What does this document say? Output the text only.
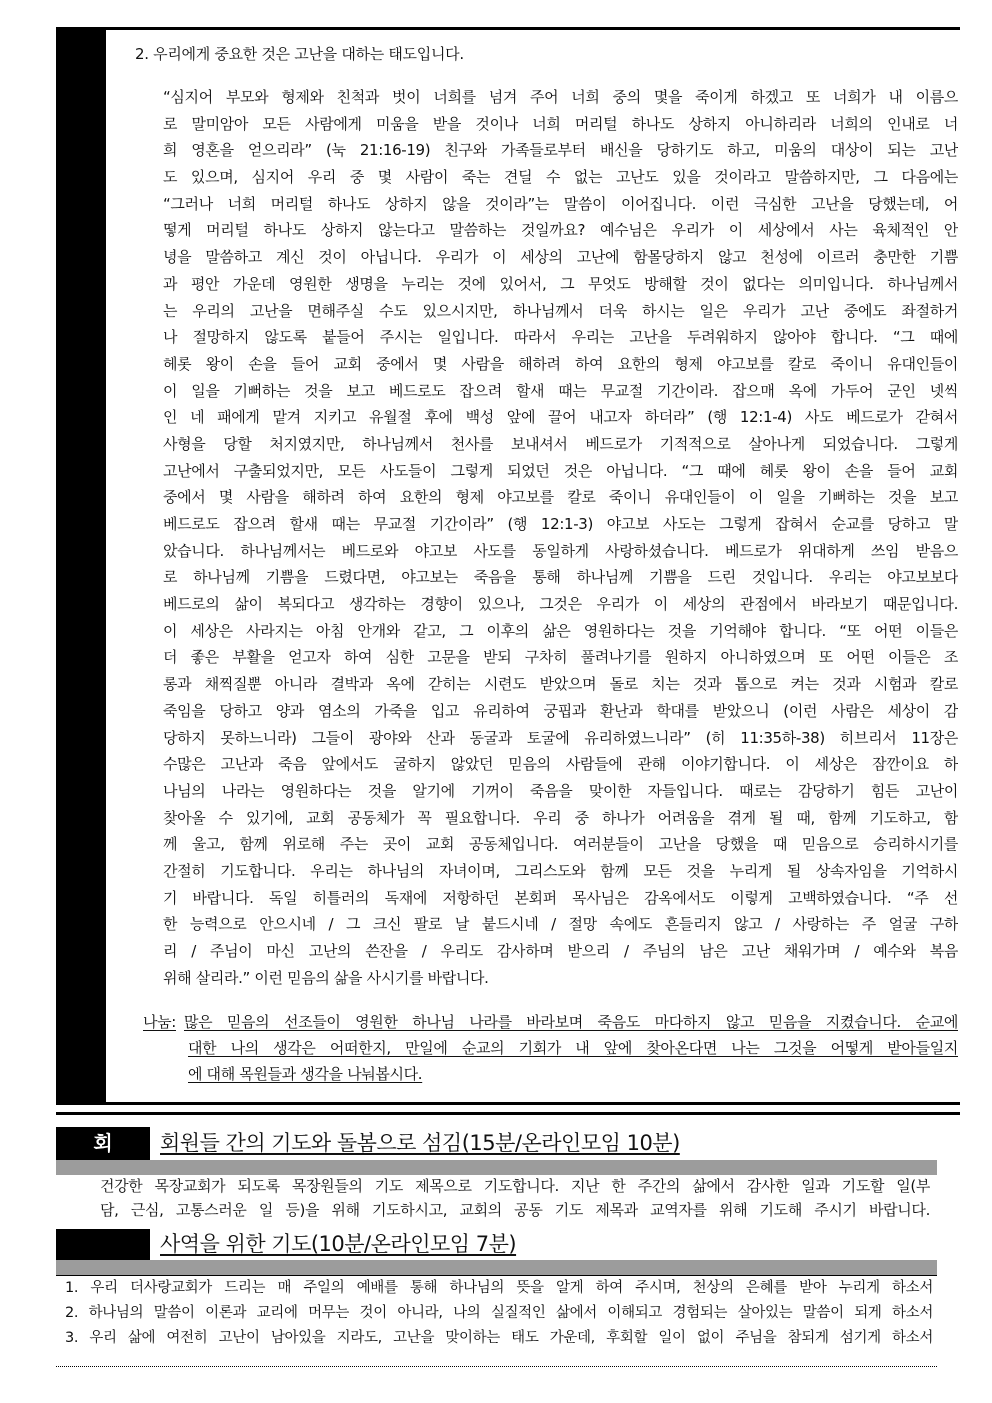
2. 우리에게 중요한 것은 고난을 대하는 태도입니다.
“심지어 부모와 형제와 친척과 벗이 너희를 넘겨 주어 너희 중의 몇을 죽이게 하겠고 또 너희가 내 이름으
로 말미암아 모든 사람에게 미움을 받을 것이나 너희 머리털 하나도 상하지 아니하리라 너희의 인내로 너
희 영혼을 얻으리라” (눅 21:16-19) 친구와 가족들로부터 배신을 당하기도 하고, 미움의 대상이 되는 고난
도 있으며, 심지어 우리 중 몇 사람이 죽는 견딜 수 없는 고난도 있을 것이라고 말씀하지만, 그 다음에는
“그러나 너희 머리털 하나도 상하지 않을 것이라”는 말씀이 이어집니다. 이런 극심한 고난을 당했는데, 어
떻게 머리털 하나도 상하지 않는다고 말씀하는 것일까요? 예수님은 우리가 이 세상에서 사는 육체적인 안
녕을 말씀하고 계신 것이 아닙니다. 우리가 이 세상의 고난에 함몰당하지 않고 천성에 이르러 충만한 기쁨
과 평안 가운데 영원한 생명을 누리는 것에 있어서, 그 무엇도 방해할 것이 없다는 의미입니다. 하나님께서
는 우리의 고난을 면해주실 수도 있으시지만, 하나님께서 더욱 하시는 일은 우리가 고난 중에도 좌절하거
나 절망하지 않도록 붙들어 주시는 일입니다. 따라서 우리는 고난을 두려워하지 않아야 합니다. “그 때에
헤롯 왕이 손을 들어 교회 중에서 몇 사람을 해하려 하여 요한의 형제 야고보를 칼로 죽이니 유대인들이
이 일을 기뻐하는 것을 보고 베드로도 잡으려 할새 때는 무교절 기간이라. 잡으매 옥에 가두어 군인 넷씩
인 네 패에게 맡겨 지키고 유월절 후에 백성 앞에 끌어 내고자 하더라” (행 12:1-4) 사도 베드로가 갇혀서
사형을 당할 처지였지만, 하나님께서 천사를 보내셔서 베드로가 기적적으로 살아나게 되었습니다. 그렇게
고난에서 구출되었지만, 모든 사도들이 그렇게 되었던 것은 아닙니다. “그 때에 헤롯 왕이 손을 들어 교회
중에서 몇 사람을 해하려 하여 요한의 형제 야고보를 칼로 죽이니 유대인들이 이 일을 기뻐하는 것을 보고
베드로도 잡으려 할새 때는 무교절 기간이라” (행 12:1-3) 야고보 사도는 그렇게 잡혀서 순교를 당하고 말
았습니다. 하나님께서는 베드로와 야고보 사도를 동일하게 사랑하셨습니다. 베드로가 위대하게 쓰임 받음으
로 하나님께 기쁨을 드렸다면, 야고보는 죽음을 통해 하나님께 기쁨을 드린 것입니다. 우리는 야고보보다
베드로의 삶이 복되다고 생각하는 경향이 있으나, 그것은 우리가 이 세상의 관점에서 바라보기 때문입니다.
이 세상은 사라지는 아침 안개와 같고, 그 이후의 삶은 영원하다는 것을 기억해야 합니다. “또 어떤 이들은
더 좋은 부활을 얻고자 하여 심한 고문을 받되 구차히 풀려나기를 원하지 아니하였으며 또 어떤 이들은 조
롱과 채찍질뿐 아니라 결박과 옥에 갇히는 시련도 받았으며 돌로 치는 것과 톱으로 켜는 것과 시험과 칼로
죽임을 당하고 양과 염소의 가죽을 입고 유리하여 궁핍과 환난과 학대를 받았으니 (이런 사람은 세상이 감
당하지 못하느니라) 그들이 광야와 산과 동굴과 토굴에 유리하였느니라” (히 11:35하-38) 히브리서 11장은
수많은 고난과 죽음 앞에서도 굴하지 않았던 믿음의 사람들에 관해 이야기합니다. 이 세상은 잠깐이요 하
나님의 나라는 영원하다는 것을 알기에 기꺼이 죽음을 맞이한 자들입니다. 때로는 감당하기 힘든 고난이
찾아올 수 있기에, 교회 공동체가 꼭 필요합니다. 우리 중 하나가 어려움을 겪게 될 때, 함께 기도하고, 함
께 울고, 함께 위로해 주는 곳이 교회 공동체입니다. 여러분들이 고난을 당했을 때 믿음으로 승리하시기를
간절히 기도합니다. 우리는 하나님의 자녀이며, 그리스도와 함께 모든 것을 누리게 될 상속자임을 기억하시
기 바랍니다. 독일 히틀러의 독재에 저항하던 본회퍼 목사님은 감옥에서도 이렇게 고백하였습니다. “주 선
한 능력으로 안으시네 / 그 크신 팔로 날 붙드시네 / 절망 속에도 흔들리지 않고 / 사랑하는 주 얼굴 구하
리 / 주님이 마신 고난의 쓴잔을 / 우리도 감사하며 받으리 / 주님의 남은 고난 채워가며 / 예수와 복음
위해 살리라.” 이런 믿음의 삶을 사시기를 바랍니다.
나눔: 많은 믿음의 선조들이 영원한 하나님 나라를 바라보며 죽음도 마다하지 않고 믿음을 지켰습니다. 순교에
대한 나의 생각은 어떠한지, 만일에 순교의 기회가 내 앞에 찾아온다면 나는 그것을 어떻게 받아들일지
에 대해 목원들과 생각을 나눠봅시다.
회	회원들 간의 기도와 돌봄으로 섬김(15분/온라인모임 10분)
건강한 목장교회가 되도록 목장원들의 기도 제목으로 기도합니다. 지난 한 주간의 삶에서 감사한 일과 기도할 일(부
담, 근심, 고통스러운 일 등)을 위해 기도하시고, 교회의 공동 기도 제목과 교역자를 위해 기도해 주시기 바랍니다.
사역을 위한 기도(10분/온라인모임 7분)
1. 우리 더사랑교회가 드리는 매 주일의 예배를 통해 하나님의 뜻을 알게 하여 주시며, 천상의 은혜를 받아 누리게 하소서
2. 하나님의 말씀이 이론과 교리에 머무는 것이 아니라, 나의 실질적인 삶에서 이해되고 경험되는 살아있는 말씀이 되게 하소서
3. 우리 삶에 여전히 고난이 남아있을 지라도, 고난을 맞이하는 태도 가운데, 후회할 일이 없이 주님을 참되게 섬기게 하소서
